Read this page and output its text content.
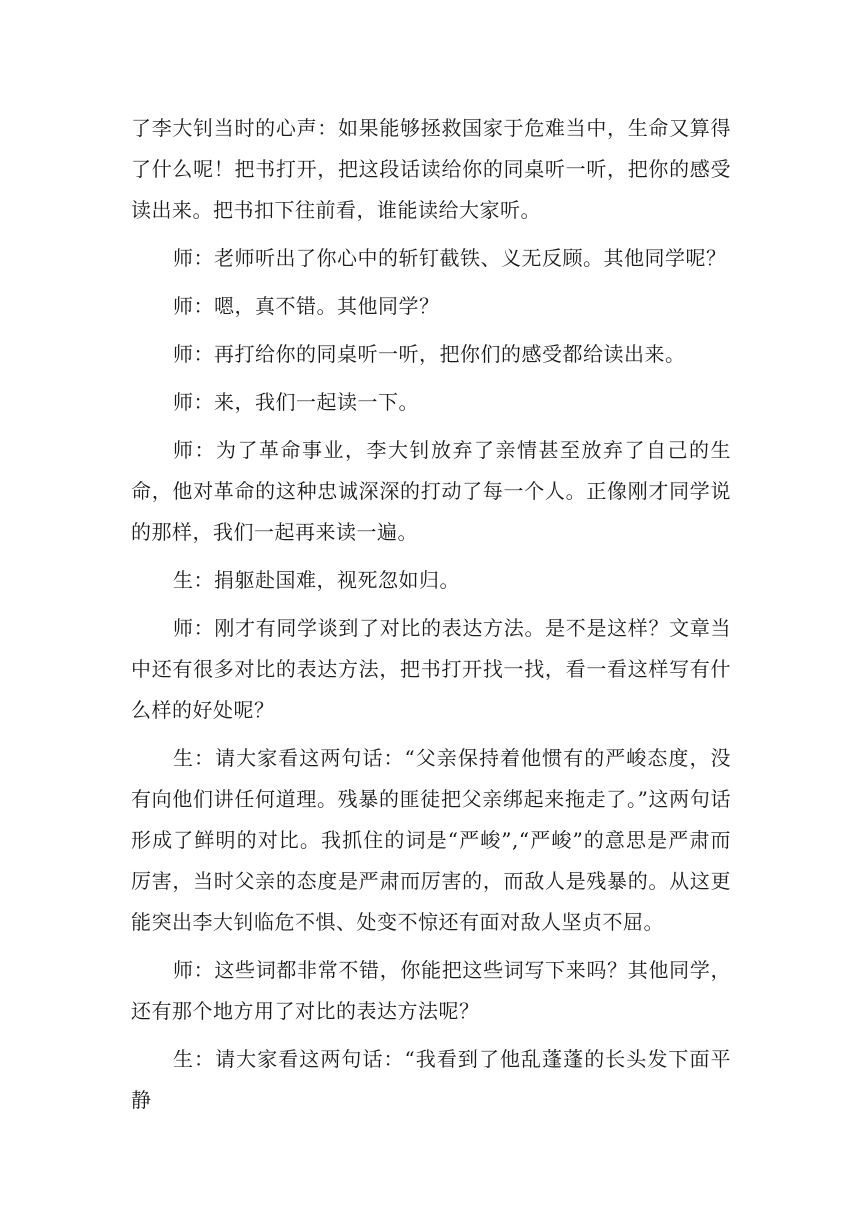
了李大钊当时的心声：如果能够拯救国家于危难当中，生命又算得了什么呢！把书打开，把这段话读给你的同桌听一听，把你的感受读出来。把书扣下往前看，谁能读给大家听。

师：老师听出了你心中的斩钉截铁、义无反顾。其他同学呢？

师：嗯，真不错。其他同学？

师：再打给你的同桌听一听，把你们的感受都给读出来。

师：来，我们一起读一下。

师：为了革命事业，李大钊放弃了亲情甚至放弃了自己的生命，他对革命的这种忠诚深深的打动了每一个人。正像刚才同学说的那样，我们一起再来读一遍。

生：捐躯赴国难，视死忽如归。

师：刚才有同学谈到了对比的表达方法。是不是这样？文章当中还有很多对比的表达方法，把书打开找一找，看一看这样写有什么样的好处呢？

生：请大家看这两句话：“父亲保持着他惯有的严峻态度，没有向他们讲任何道理。残暴的匪徒把父亲绑起来拖走了。”这两句话形成了鲜明的对比。我抓住的词是“严峻”,“严峻”的意思是严肃而厉害，当时父亲的态度是严肃而厉害的，而敌人是残暴的。从这更能突出李大钊临危不惧、处变不惊还有面对敌人坚贞不屈。

师：这些词都非常不错，你能把这些词写下来吗？其他同学，还有那个地方用了对比的表达方法呢？

生：请大家看这两句话：“我看到了他乱蓬蓬的长头发下面平静
